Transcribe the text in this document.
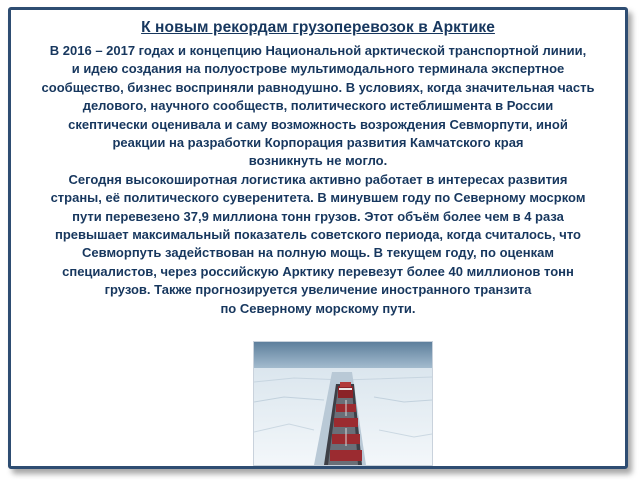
К новым рекордам грузоперевозок в Арктике
В 2016 – 2017 годах и концепцию Национальной арктической транспортной линии,
и идею создания на полуострове мультимодального терминала экспертное
сообщество, бизнес восприняли равнодушно. В условиях, когда значительная часть
делового, научного сообществ, политического истеблишмента в России
скептически оценивала и саму возможность возрождения Севморпути, иной
реакции на разработки Корпорация развития Камчатского края
возникнуть не могло.
Сегодня высокоширотная логистика активно работает в интересах развития
страны, её политического суверенитета. В минувшем году по Северному мосрком
пути перевезено 37,9 миллиона тонн грузов. Этот объём более чем в 4 раза
превышает максимальный показатель советского периода, когда считалось, что
Севморпуть задействован на полную мощь. В текущем году, по оценкам
специалистов, через российскую Арктику перевезут более 40 миллионов тонн
грузов. Также прогнозируется увеличение иностранного транзита
по Северному морскому пути.
